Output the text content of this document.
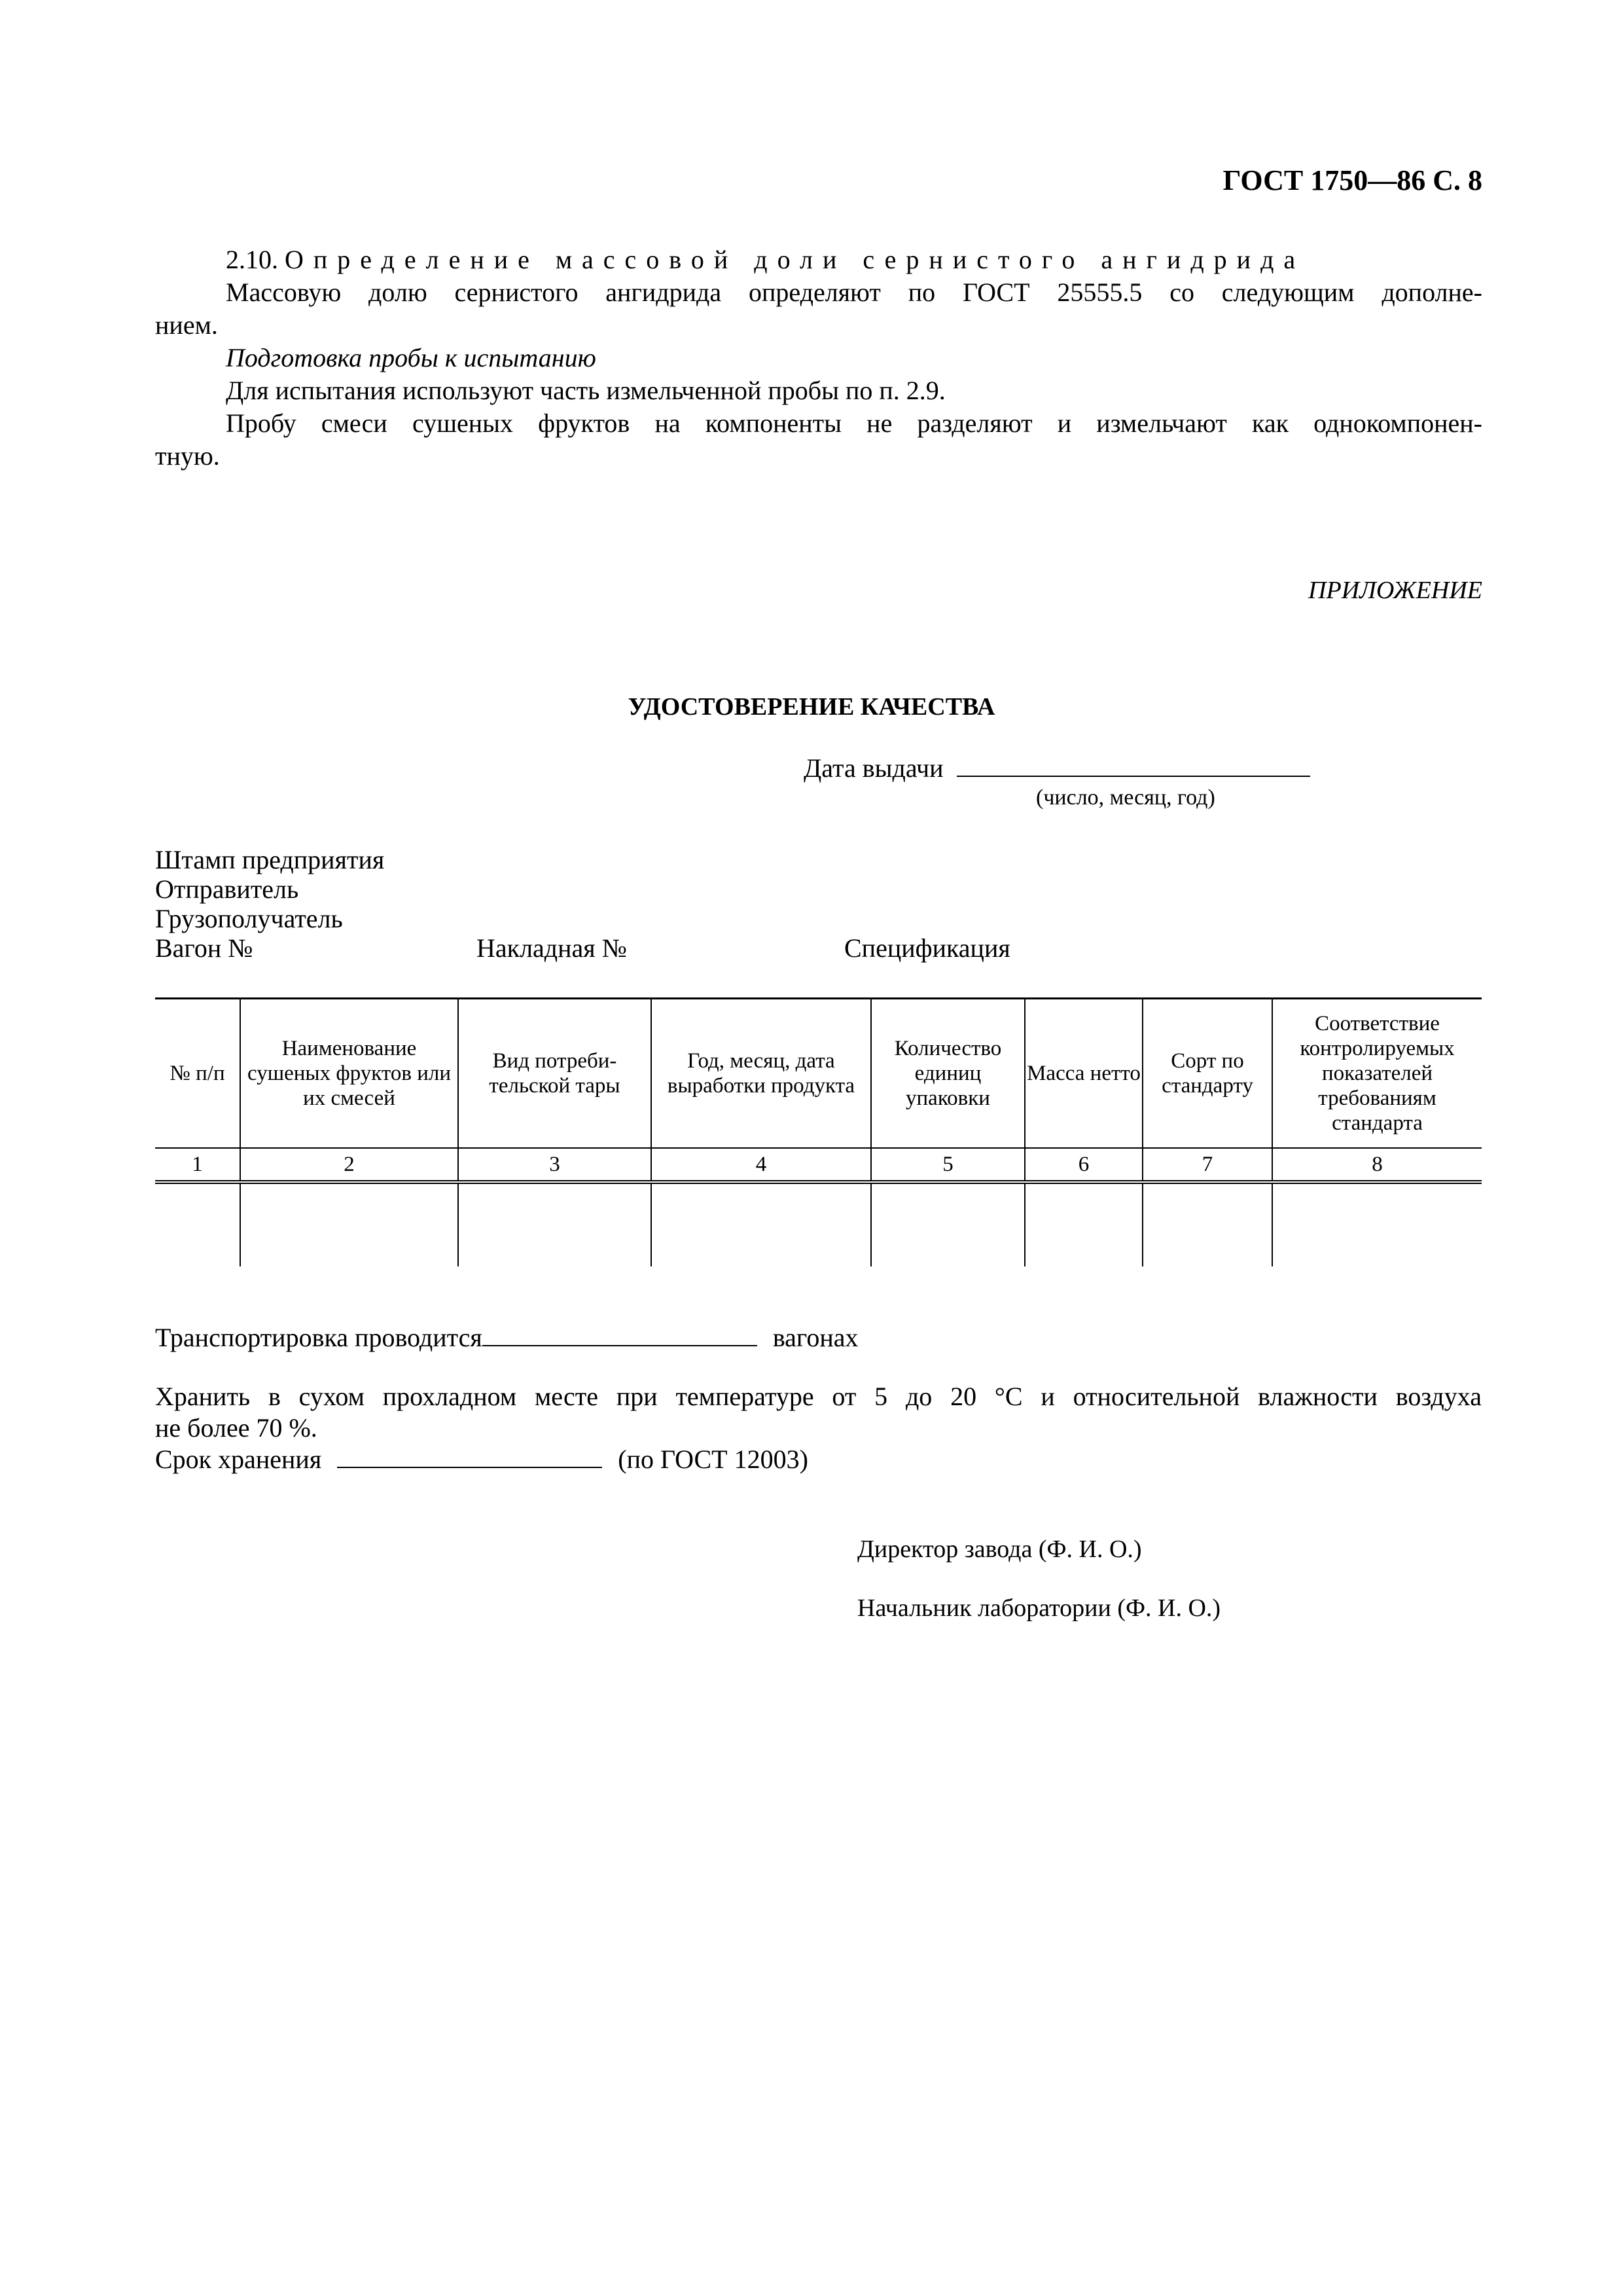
ГОСТ 1750—86 С. 8
2.10. Определение массовой доли сернистого ангидрида
Массовую долю сернистого ангидрида определяют по ГОСТ 25555.5 со следующим дополне-
нием.
Подготовка пробы к испытанию
Для испытания используют часть измельченной пробы по п. 2.9.
Пробу смеси сушеных фруктов на компоненты не разделяют и измельчают как однокомпонен-
тную.
ПРИЛОЖЕНИЕ
УДОСТОВЕРЕНИЕ КАЧЕСТВА
Дата выдачи
(число, месяц, год)
Штамп предприятия
Отправитель
Грузополучатель
Вагон №	Накладная №	Спецификация
№ п/п	Наименование сушеных фруктов или их смесей	Вид потреби-тельской тары	Год, месяц, дата выработки продукта	Количество единиц упаковки	Масса нетто	Сорт по стандарту	Соответствие контролируемых показателей требованиям стандарта
1	2	3	4	5	6	7	8

Транспортировка проводится	вагонах
Хранить в сухом прохладном месте при температуре от 5 до 20 °С и относительной влажности воздуха
не более 70 %.
Срок хранения	(по ГОСТ 12003)
Директор завода (Ф. И. О.)
Начальник лаборатории (Ф. И. О.)
